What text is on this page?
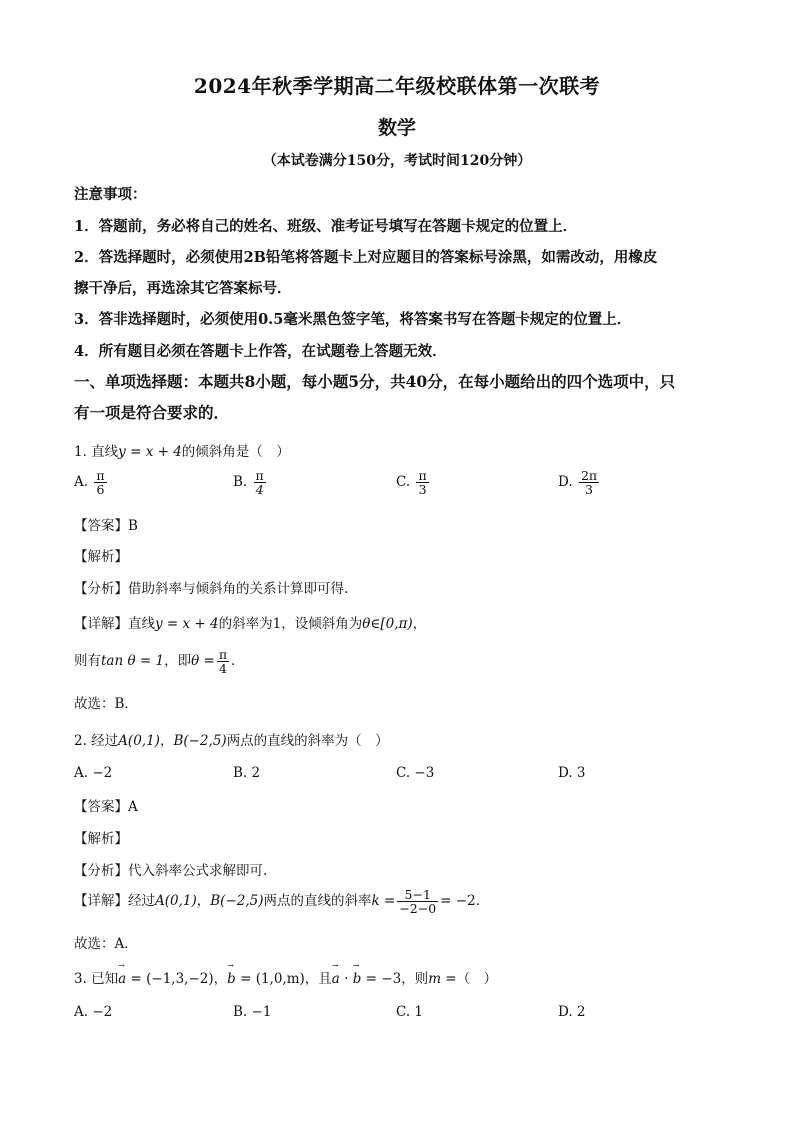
2024年秋季学期高二年级校联体第一次联考
数学
（本试卷满分150分，考试时间120分钟）
注意事项：
1．答题前，务必将自己的姓名、班级、准考证号填写在答题卡规定的位置上．
2．答选择题时，必须使用2B铅笔将答题卡上对应题目的答案标号涂黑，如需改动，用橡皮
擦干净后，再选涂其它答案标号．
3．答非选择题时，必须使用0.5毫米黑色签字笔，将答案书写在答题卡规定的位置上．
4．所有题目必须在答题卡上作答，在试题卷上答题无效．
一、单项选择题：本题共8小题，每小题5分，共40分，在每小题给出的四个选项中，只
有一项是符合要求的．
1. 直线y = x + 4的倾斜角是（　）
A. $\frac{\pi}{6}$	B. $\frac{\pi}{4}$	C. $\frac{\pi}{3}$	D. $\frac{2\pi}{3}$
【答案】B
【解析】
【分析】借助斜率与倾斜角的关系计算即可得.
【详解】直线y = x + 4的斜率为1，设倾斜角为θ∈[0,π)，
则有tan θ = 1，即$\theta = \frac{\pi}{4}$ ．
故选：B．
2. 经过A(0,1)，B(−2,5)两点的直线的斜率为（　）
A. −2	B. 2	C. −3	D. 3
【答案】A
【解析】
【分析】代入斜率公式求解即可.
【详解】经过A(0,1)，B(−2,5)两点的直线的斜率$k = \frac{5-1}{-2-0} = -2$．
故选：A．
3. 已知→ a = (−1,3,−2)，→ b = (1,0,m)，且→ a · → b = −3，则m =（　）
A. −2	B. −1	C. 1	D. 2
